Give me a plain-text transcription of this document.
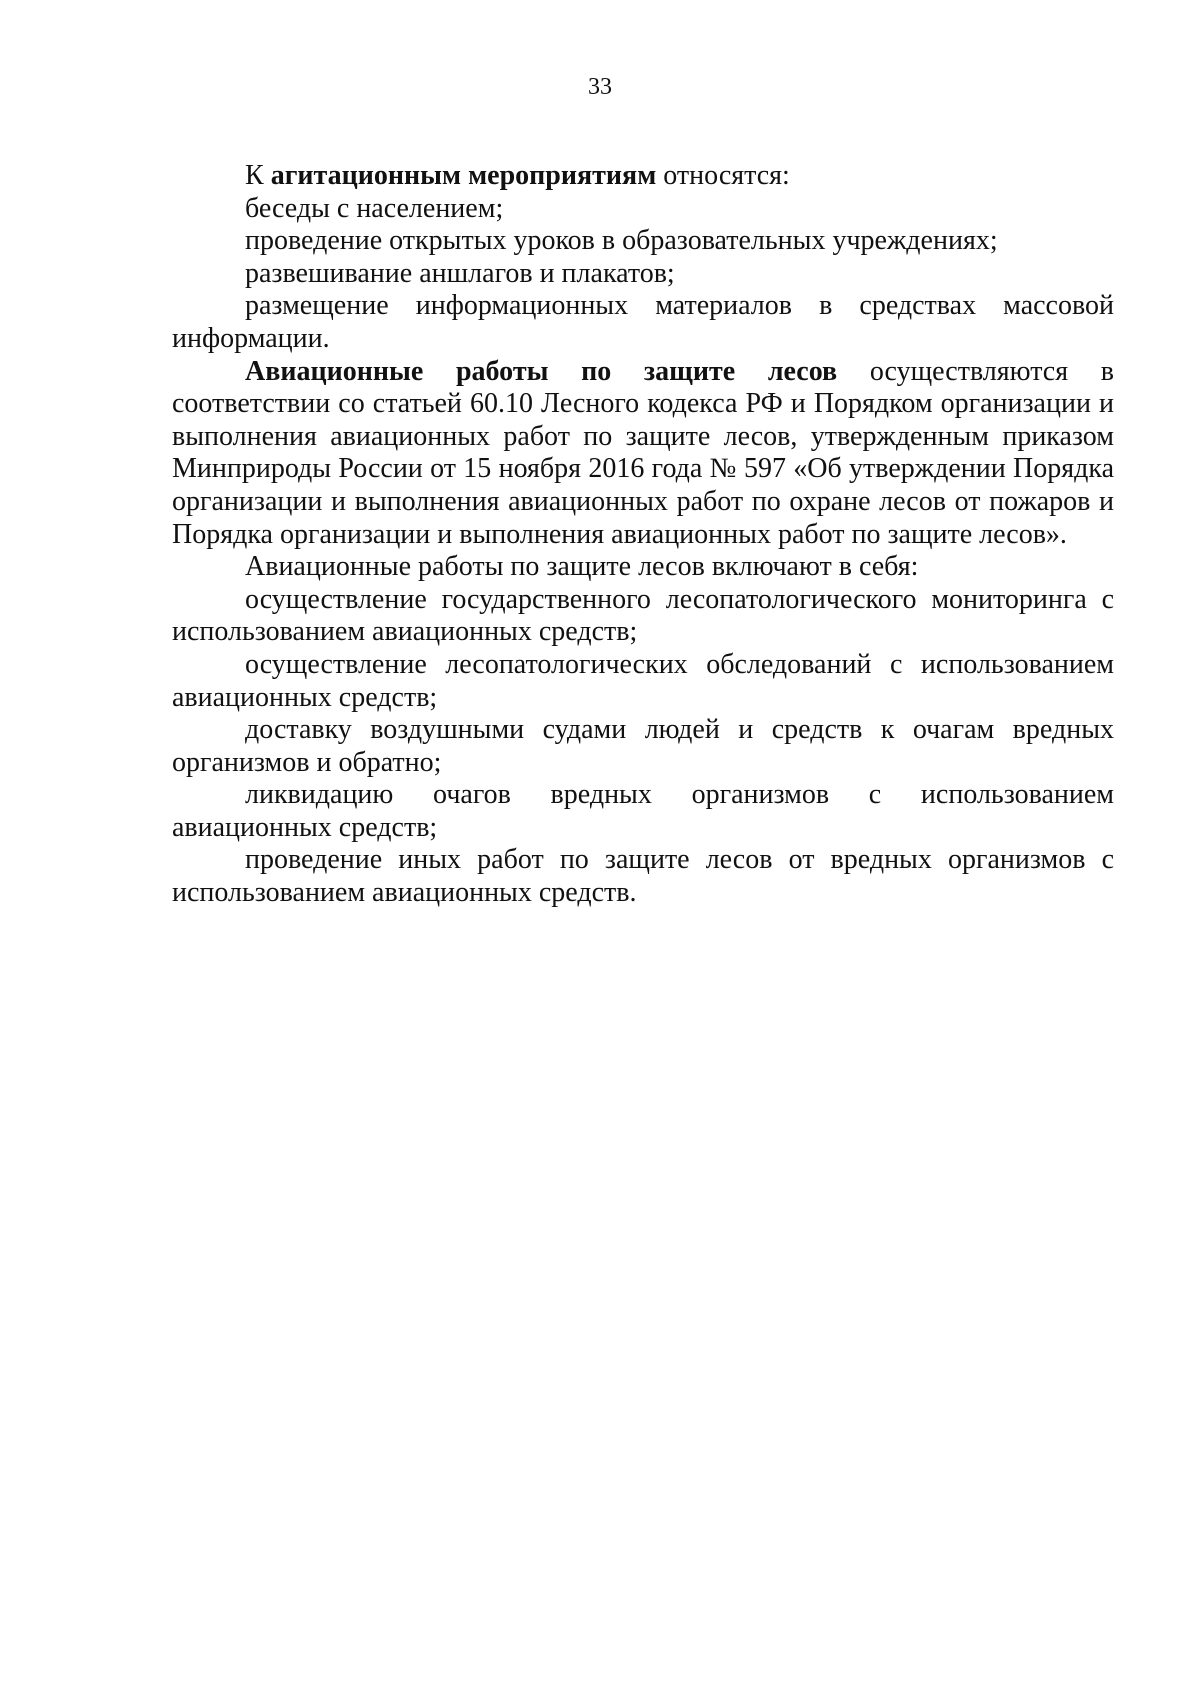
33

К агитационным мероприятиям относятся:

беседы с населением;

проведение открытых уроков в образовательных учреждениях;

развешивание аншлагов и плакатов;

размещение информационных материалов в средствах массовой информации.

Авиационные работы по защите лесов осуществляются в соответствии со статьей 60.10 Лесного кодекса РФ и Порядком организации и выполнения авиационных работ по защите лесов, утвержденным приказом Минприроды России от 15 ноября 2016 года № 597 «Об утверждении Порядка организации и выполнения авиационных работ по охране лесов от пожаров и Порядка организации и выполнения авиационных работ по защите лесов».

Авиационные работы по защите лесов включают в себя:

осуществление государственного лесопатологического мониторинга с использованием авиационных средств;

осуществление лесопатологических обследований с использованием авиационных средств;

доставку воздушными судами людей и средств к очагам вредных организмов и обратно;

ликвидацию очагов вредных организмов с использованием авиационных средств;

проведение иных работ по защите лесов от вредных организмов с использованием авиационных средств.
